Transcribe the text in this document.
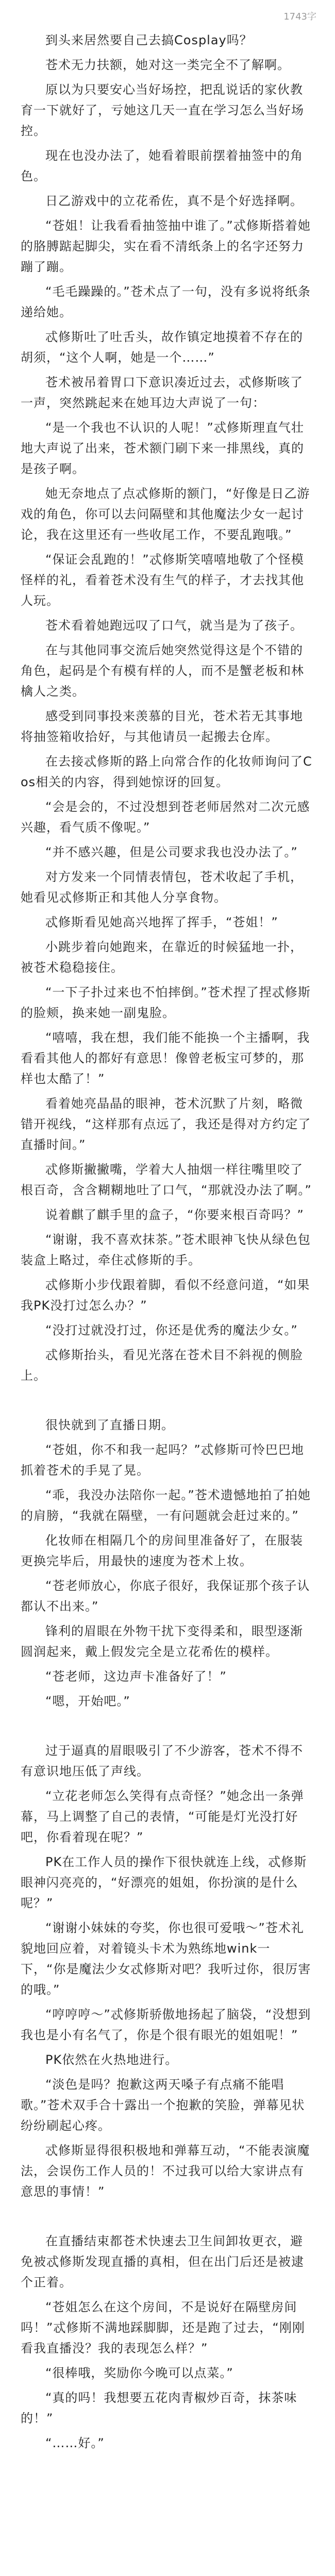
1743字

到头来居然要自己去搞Cosplay吗？

苍术无力扶额，她对这一类完全不了解啊。

原以为只要安心当好场控，把乱说话的家伙教育一下就好了，亏她这几天一直在学习怎么当好场控。

现在也没办法了，她看着眼前摆着抽签中的角色。

日乙游戏中的立花希佐，真不是个好选择啊。

“苍姐！让我看看抽签抽中谁了。”忒修斯搭着她的胳膊踮起脚尖，实在看不清纸条上的名字还努力蹦了蹦。

“毛毛躁躁的。”苍术点了一句，没有多说将纸条递给她。

忒修斯吐了吐舌头，故作镇定地摸着不存在的胡须，“这个人啊，她是一个……”

苍术被吊着胃口下意识凑近过去，忒修斯咳了一声，突然跳起来在她耳边大声说了一句：

“是一个我也不认识的人呢！”忒修斯理直气壮地大声说了出来，苍术额门刷下来一排黑线，真的是孩子啊。

她无奈地点了点忒修斯的额门，“好像是日乙游戏的角色，你可以去问隔壁和其他魔法少女一起讨论，我在这里还有一些收尾工作，不要乱跑哦。”

“保证会乱跑的！”忒修斯笑嘻嘻地敬了个怪模怪样的礼，看着苍术没有生气的样子，才去找其他人玩。

苍术看着她跑远叹了口气，就当是为了孩子。

在与其他同事交流后她突然觉得这是个不错的角色，起码是个有模有样的人，而不是蟹老板和林檎人之类。

感受到同事投来羡慕的目光，苍术若无其事地将抽签箱收拾好，与其他请员一起搬去仓库。

在去接忒修斯的路上向常合作的化妆师询问了Cos相关的内容，得到她惊讶的回复。

“会是会的，不过没想到苍老师居然对二次元感兴趣，看气质不像呢。”

“并不感兴趣，但是公司要求我也没办法了。”

对方发来一个同情表情包，苍术收起了手机，她看见忒修斯正和其他人分享食物。

忒修斯看见她高兴地挥了挥手，“苍姐！”

小跳步着向她跑来，在靠近的时候猛地一扑，被苍术稳稳接住。

“一下子扑过来也不怕摔倒。”苍术捏了捏忒修斯的脸颊，换来她一副鬼脸。

“嘻嘻，我在想，我们能不能换一个主播啊，我看看其他人的都好有意思！像曾老板宝可梦的，那样也太酷了！”

看着她亮晶晶的眼神，苍术沉默了片刻，略微错开视线，“这样那有点远了，我还是得对方约定了直播时间。”

忒修斯撇撇嘴，学着大人抽烟一样往嘴里咬了根百奇，含含糊糊地吐了口气，“那就没办法了啊。”

说着麒了麒手里的盒子，“你要来根百奇吗？”

“谢谢，我不喜欢抹茶。”苍术眼神飞快从绿色包装盒上略过，牵住忒修斯的手。

忒修斯小步伐跟着脚，看似不经意问道，“如果我PK没打过怎么办？”

“没打过就没打过，你还是优秀的魔法少女。”

忒修斯抬头，看见光落在苍术目不斜视的侧脸上。

很快就到了直播日期。

“苍姐，你不和我一起吗？”忒修斯可怜巴巴地抓着苍术的手晃了晃。

“乖，我没办法陪你一起。”苍术遗憾地拍了拍她的肩膀，“我就在隔壁，一有问题就会赶过来的。”

化妆师在相隔几个的房间里准备好了，在服装更换完毕后，用最快的速度为苍术上妆。

“苍老师放心，你底子很好，我保证那个孩子认都认不出来。”

锋利的眉眼在外物干扰下变得柔和，眼型逐渐圆润起来，戴上假发完全是立花希佐的模样。

“苍老师，这边声卡准备好了！”

“嗯，开始吧。”

过于逼真的眉眼吸引了不少游客，苍术不得不有意识地压低了声线。

“立花老师怎么笑得有点奇怪？”她念出一条弹幕，马上调整了自己的表情，“可能是灯光没打好吧，你看着现在呢？”

PK在工作人员的操作下很快就连上线，忒修斯眼神闪亮亮的，“好漂亮的姐姐，你扮演的是什么呢？”

“谢谢小妹妹的夸奖，你也很可爱哦～”苍术礼貌地回应着，对着镜头卡术为熟练地wink一下，“你是魔法少女忒修斯对吧？我听过你，很厉害的哦。”

“哼哼哼～”忒修斯骄傲地扬起了脑袋，“没想到我也是小有名气了，你是个很有眼光的姐姐呢！”

PK依然在火热地进行。

“淡色是吗？抱歉这两天嗓子有点痛不能唱歌。”苍术双手合十露出一个抱歉的笑脸，弹幕见状纷纷刷起心疼。

忒修斯显得很积极地和弹幕互动，“不能表演魔法，会误伤工作人员的！不过我可以给大家讲点有意思的事情！”

在直播结束都苍术快速去卫生间卸妆更衣，避免被忒修斯发现直播的真相，但在出门后还是被逮个正着。

“苍姐怎么在这个房间，不是说好在隔壁房间吗！”忒修斯不满地踩脚脚，还是跑了过去，“刚刚看我直播没？我的表现怎么样？”

“很棒哦，奖励你今晚可以点菜。”

“真的吗！我想要五花肉青椒炒百奇，抹茶味的！”

“……好。”
